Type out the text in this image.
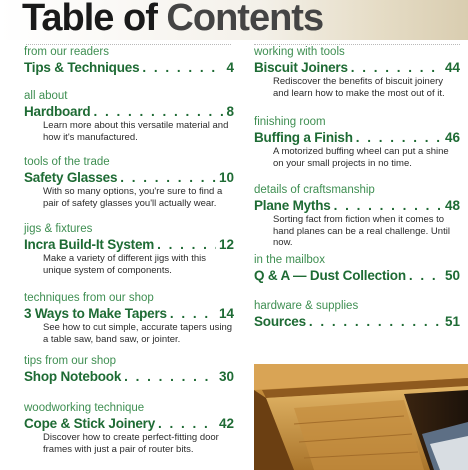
Table of Contents
from our readers
Tips & Techniques . . .	4
all about
Hardboard . . .	8
Learn more about this versatile material and how it's manufactured.
tools of the trade
Safety Glasses . . .	10
With so many options, you're sure to find a pair of safety glasses you'll actually wear.
jigs & fixtures
Incra Build-It System . . .	12
Make a variety of different jigs with this unique system of components.
techniques from our shop
3 Ways to Make Tapers . . .	14
See how to cut simple, accurate tapers using a table saw, band saw, or jointer.
tips from our shop
Shop Notebook . . .	30
woodworking technique
Cope & Stick Joinery . . .	42
Discover how to create perfect-fitting door frames with just a pair of router bits.
working with tools
Biscuit Joiners . . .	44
Rediscover the benefits of biscuit joinery and learn how to make the most out of it.
finishing room
Buffing a Finish . . .	46
A motorized buffing wheel can put a shine on your small projects in no time.
details of craftsmanship
Plane Myths . . .	48
Sorting fact from fiction when it comes to hand planes can be a real challenge. Until now.
in the mailbox
Q & A — Dust Collection . . .	50
hardware & supplies
Sources . . .	51
